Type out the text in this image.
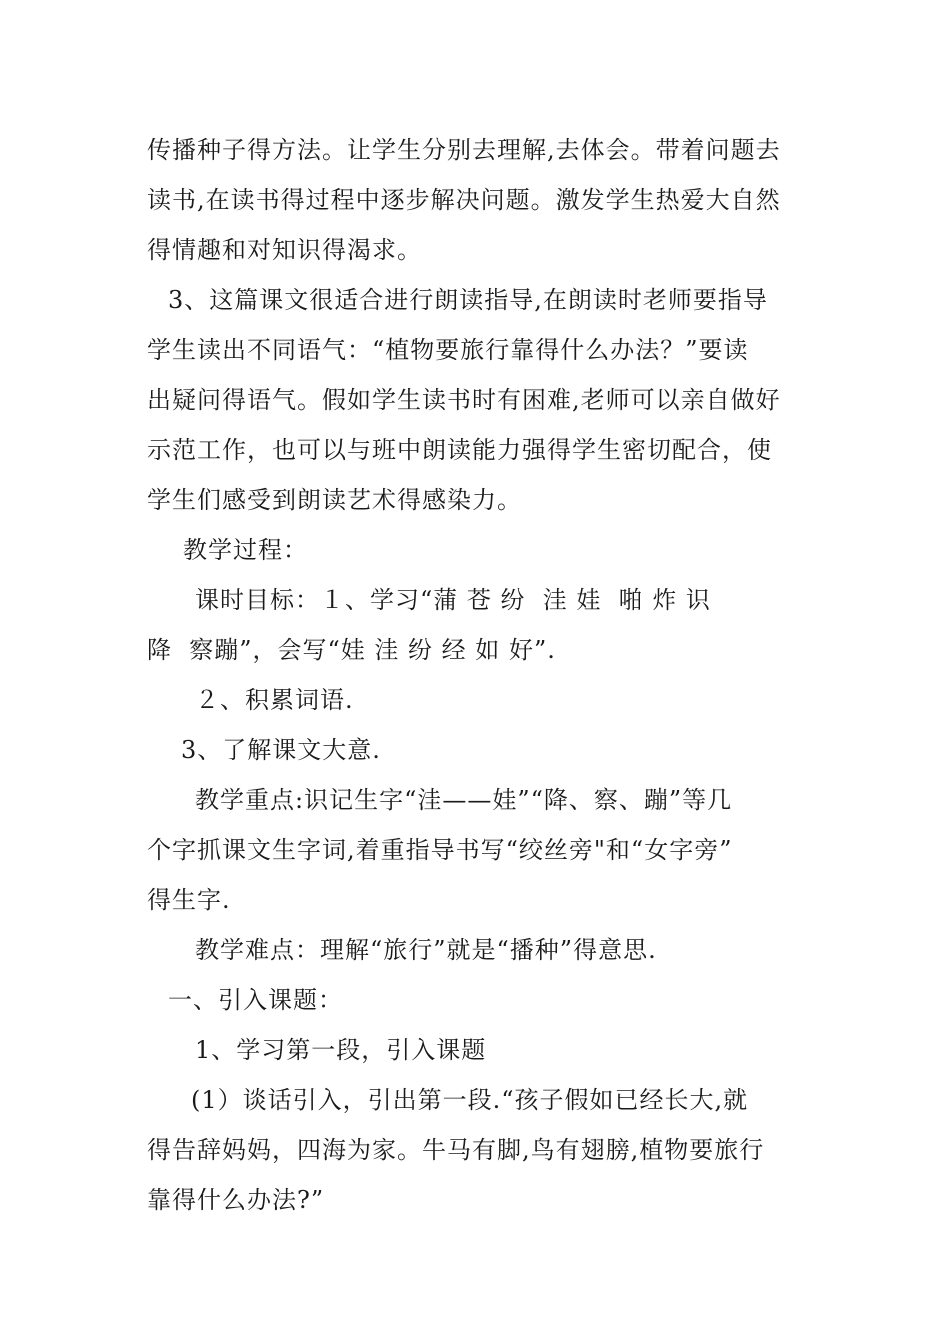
传播种子得方法。让学生分别去理解,去体会。带着问题去
读书,在读书得过程中逐步解决问题。激发学生热爱大自然
得情趣和对知识得渴求。
3、这篇课文很适合进行朗读指导,在朗读时老师要指导
学生读出不同语气：“植物要旅行靠得什么办法？”要读
出疑问得语气。假如学生读书时有困难,老师可以亲自做好
示范工作，也可以与班中朗读能力强得学生密切配合，使
学生们感受到朗读艺术得感染力。
教学过程：
课时目标：１、学习“蒲 苍 纷  洼 娃  啪 炸 识
降  察蹦”，会写“娃 洼 纷 经 如 好”.
２、积累词语.
3、了解课文大意.
教学重点:识记生字“洼——娃”“降、察、蹦”等几
个字抓课文生字词,着重指导书写“绞丝旁"和“女字旁”
得生字.
教学难点：理解“旅行”就是“播种”得意思.
一、引入课题：
1、学习第一段，引入课题
(1）谈话引入，引出第一段.“孩子假如已经长大,就
得告辞妈妈，四海为家。牛马有脚,鸟有翅膀,植物要旅行
靠得什么办法?”
